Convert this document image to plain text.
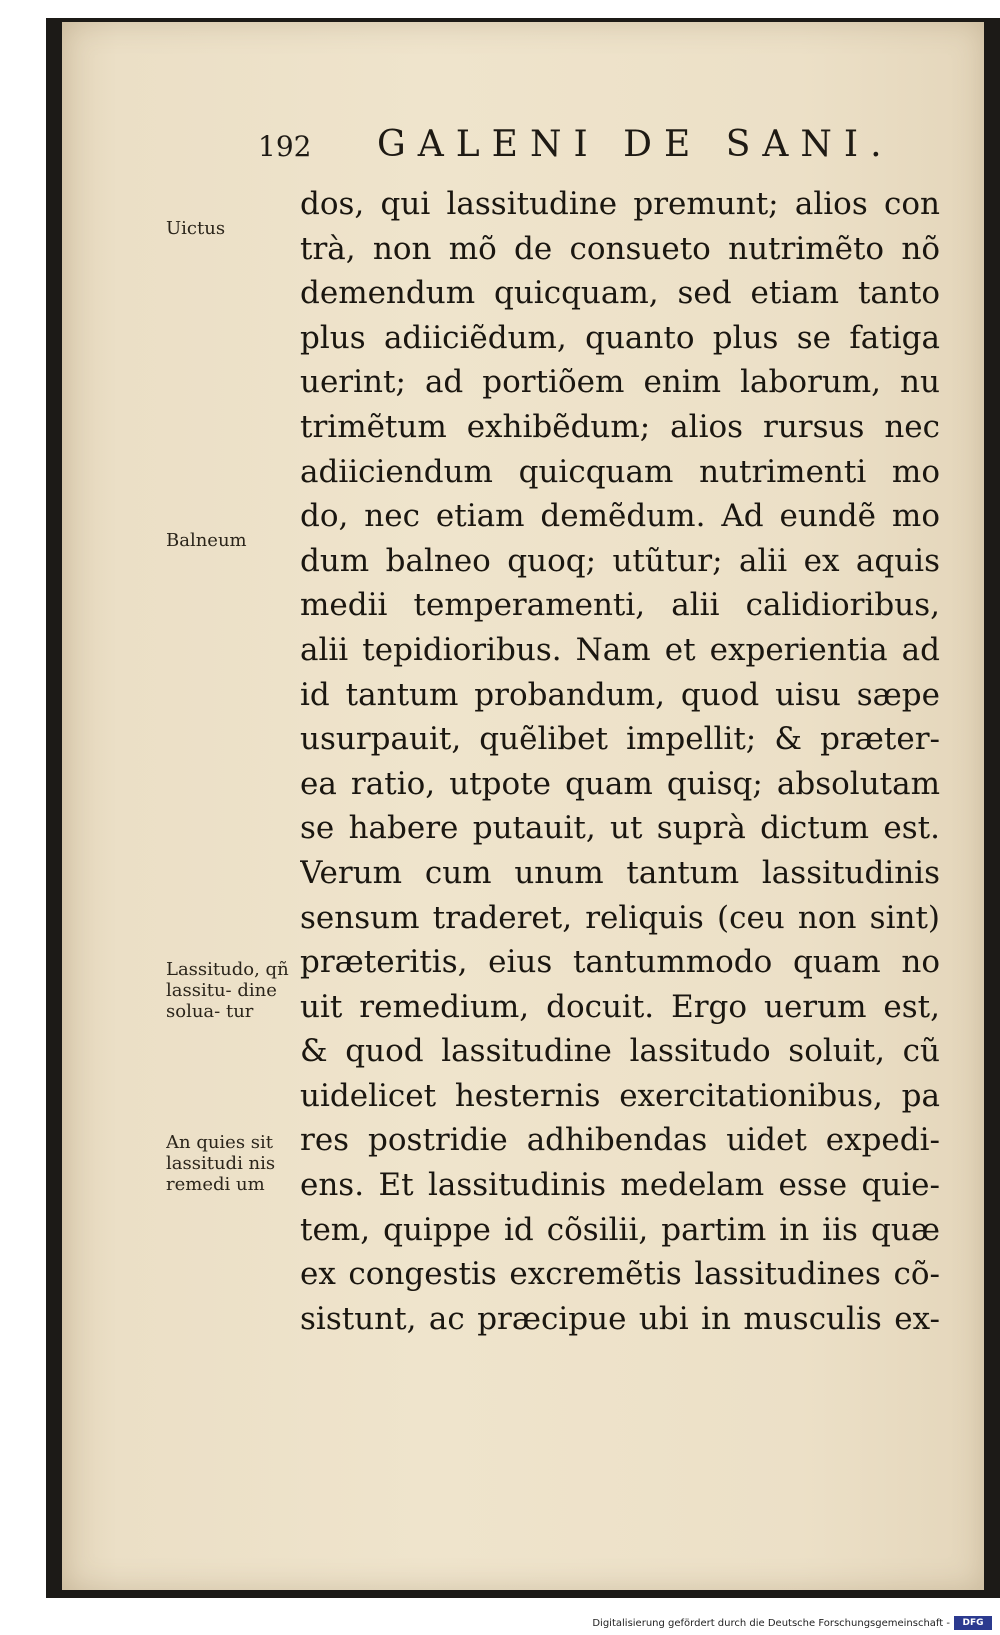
192 GALENI DE SANI.
Uictus
Balneum
Lassitudo, qñ lassitu- dine solua- tur
An quies sit lassitudi nis remedi um
dos, qui lassitudine premunt; alios con
trà, non mõ de consueto nutrimẽto nõ
demendum quicquam, sed etiam tanto
plus adiiciẽdum, quanto plus se fatiga
uerint; ad portiõem enim laborum, nu
trimẽtum exhibẽdum; alios rursus nec
adiiciendum quicquam nutrimenti mo
do, nec etiam demẽdum. Ad eundẽ mo
dum balneo quoq; utũtur; alii ex aquis
medii temperamenti, alii calidioribus,
alii tepidioribus. Nam et experientia ad
id tantum probandum, quod uisu sæpe
usurpauit, quẽlibet impellit; & præter-
ea ratio, utpote quam quisq; absolutam
se habere putauit, ut suprà dictum est.
Verum cum unum tantum lassitudinis
sensum traderet, reliquis (ceu non sint)
præteritis, eius tantummodo quam no
uit remedium, docuit. Ergo uerum est,
& quod lassitudine lassitudo soluit, cũ
uidelicet hesternis exercitationibus, pa
res postridie adhibendas uidet expedi-
ens. Et lassitudinis medelam esse quie-
tem, quippe id cõsilii, partim in iis quæ
ex congestis excremẽtis lassitudines cõ-
sistunt, ac præcipue ubi in musculis ex-
Digitalisierung gefördert durch die Deutsche Forschungsgemeinschaft -	DFG
